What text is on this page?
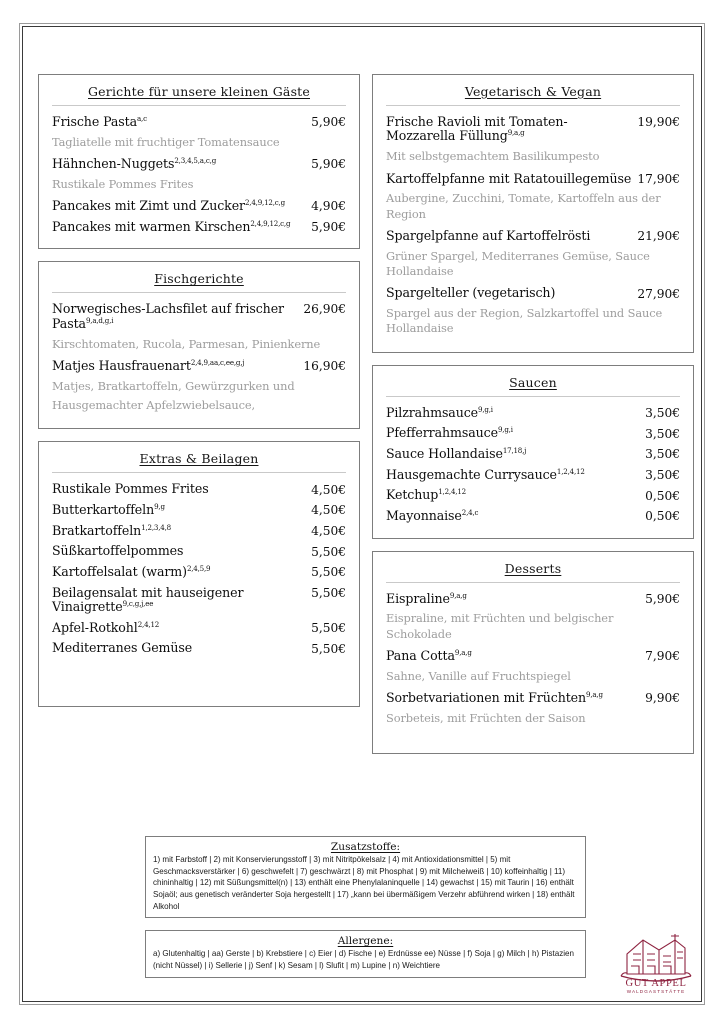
Gerichte für unsere kleinen Gäste
Frische Pasta$^{a,c}$	5,90€
Tagliatelle mit fruchtiger Tomatensauce
Hähnchen-Nuggets$^{2,3,4,5,a,c,g}$	5,90€
Rustikale Pommes Frites
Pancakes mit Zimt und Zucker$^{2,4,9,12,c,g}$ 4,90€
Pancakes mit warmen Kirschen$^{2,4,9,12,c,g}$ 5,90€
Fischgerichte
Norwegisches-Lachsfilet auf frischer Pasta$^{9,a,d,g,i}$
26,90€
Kirschtomaten, Rucola, Parmesan, Pinienkerne
Matjes Hausfrauenart$^{2,4,9,aa,c,ee,g,j}$	16,90€
Matjes, Bratkartoffeln, Gewürzgurken und
Hausgemachter Apfelzwiebelsauce,
Extras & Beilagen
Rustikale Pommes Frites	4,50€
Butterkartoffeln$^{9,g}$	4,50€
Bratkartoffeln$^{1,2,3,4,8}$	4,50€
Süßkartoffelpommes	5,50€
Kartoffelsalat (warm)$^{2,4,5,9}$	5,50€
Beilagensalat mit hauseigener Vinaigrette$^{9,c,g,j,ee}$
5,50€
Apfel-Rotkohl$^{2,4,12}$	5,50€
Mediterranes Gemüse	5,50€
Vegetarisch & Vegan
Frische Ravioli mit Tomaten-Mozzarella Füllung$^{9,a,g}$
19,90€
Mit selbstgemachtem Basilikumpesto
Kartoffelpfanne mit Ratatouillegemüse 17,90€
Aubergine, Zucchini, Tomate, Kartoffeln aus der Region
Spargelpfanne auf Kartoffelrösti	21,90€
Grüner Spargel, Mediterranes Gemüse, Sauce Hollandaise
Spargelteller (vegetarisch)	27,90€
Spargel aus der Region, Salzkartoffel und Sauce Hollandaise
Saucen
Pilzrahmsauce$^{9,g,i}$	3,50€
Pfefferrahmsauce$^{9,g,i}$	3,50€
Sauce Hollandaise$^{17,18,j}$	3,50€
Hausgemachte Currysauce$^{1,2,4,12}$	3,50€
Ketchup$^{1,2,4,12}$	0,50€
Mayonnaise$^{2,4,c}$	0,50€
Desserts
Eispraline$^{9,a,g}$	5,90€
Eispraline, mit Früchten und belgischer Schokolade
Pana Cotta$^{9,a,g}$	7,90€
Sahne, Vanille auf Fruchtspiegel
Sorbetvariationen mit Früchten$^{9,a,g}$	9,90€
Sorbeteis, mit Früchten der Saison
Zusatzstoffe:
1) mit Farbstoff | 2) mit Konservierungsstoff | 3) mit Nitritpökelsalz | 4) mit Antioxidationsmittel | 5) mit Geschmacksverstärker | 6) geschwefelt | 7) geschwärzt | 8) mit Phosphat | 9) mit Milcheiweiß | 10) koffeinhaltig | 11) chininhaltig | 12) mit Süßungsmittel(n) | 13) enthält eine Phenylalaninquelle | 14) gewachst | 15) mit Taurin | 16) enthält Sojaöl; aus genetisch veränderter Soja hergestellt | 17) „kann bei übermäßigem Verzehr abführend wirken | 18) enthält Alkohol
Allergene:
a) Glutenhaltig | aa) Gerste | b) Krebstiere | c) Eier | d) Fische | e) Erdnüsse ee) Nüsse | f) Soja | g) Milch | h) Pistazien (nicht Nüssel) | i) Sellerie | j) Senf | k) Sesam | l) Slufit | m) Lupine | n) Weichtiere
GUT APPEL
WALDGASTSTÄTTE
